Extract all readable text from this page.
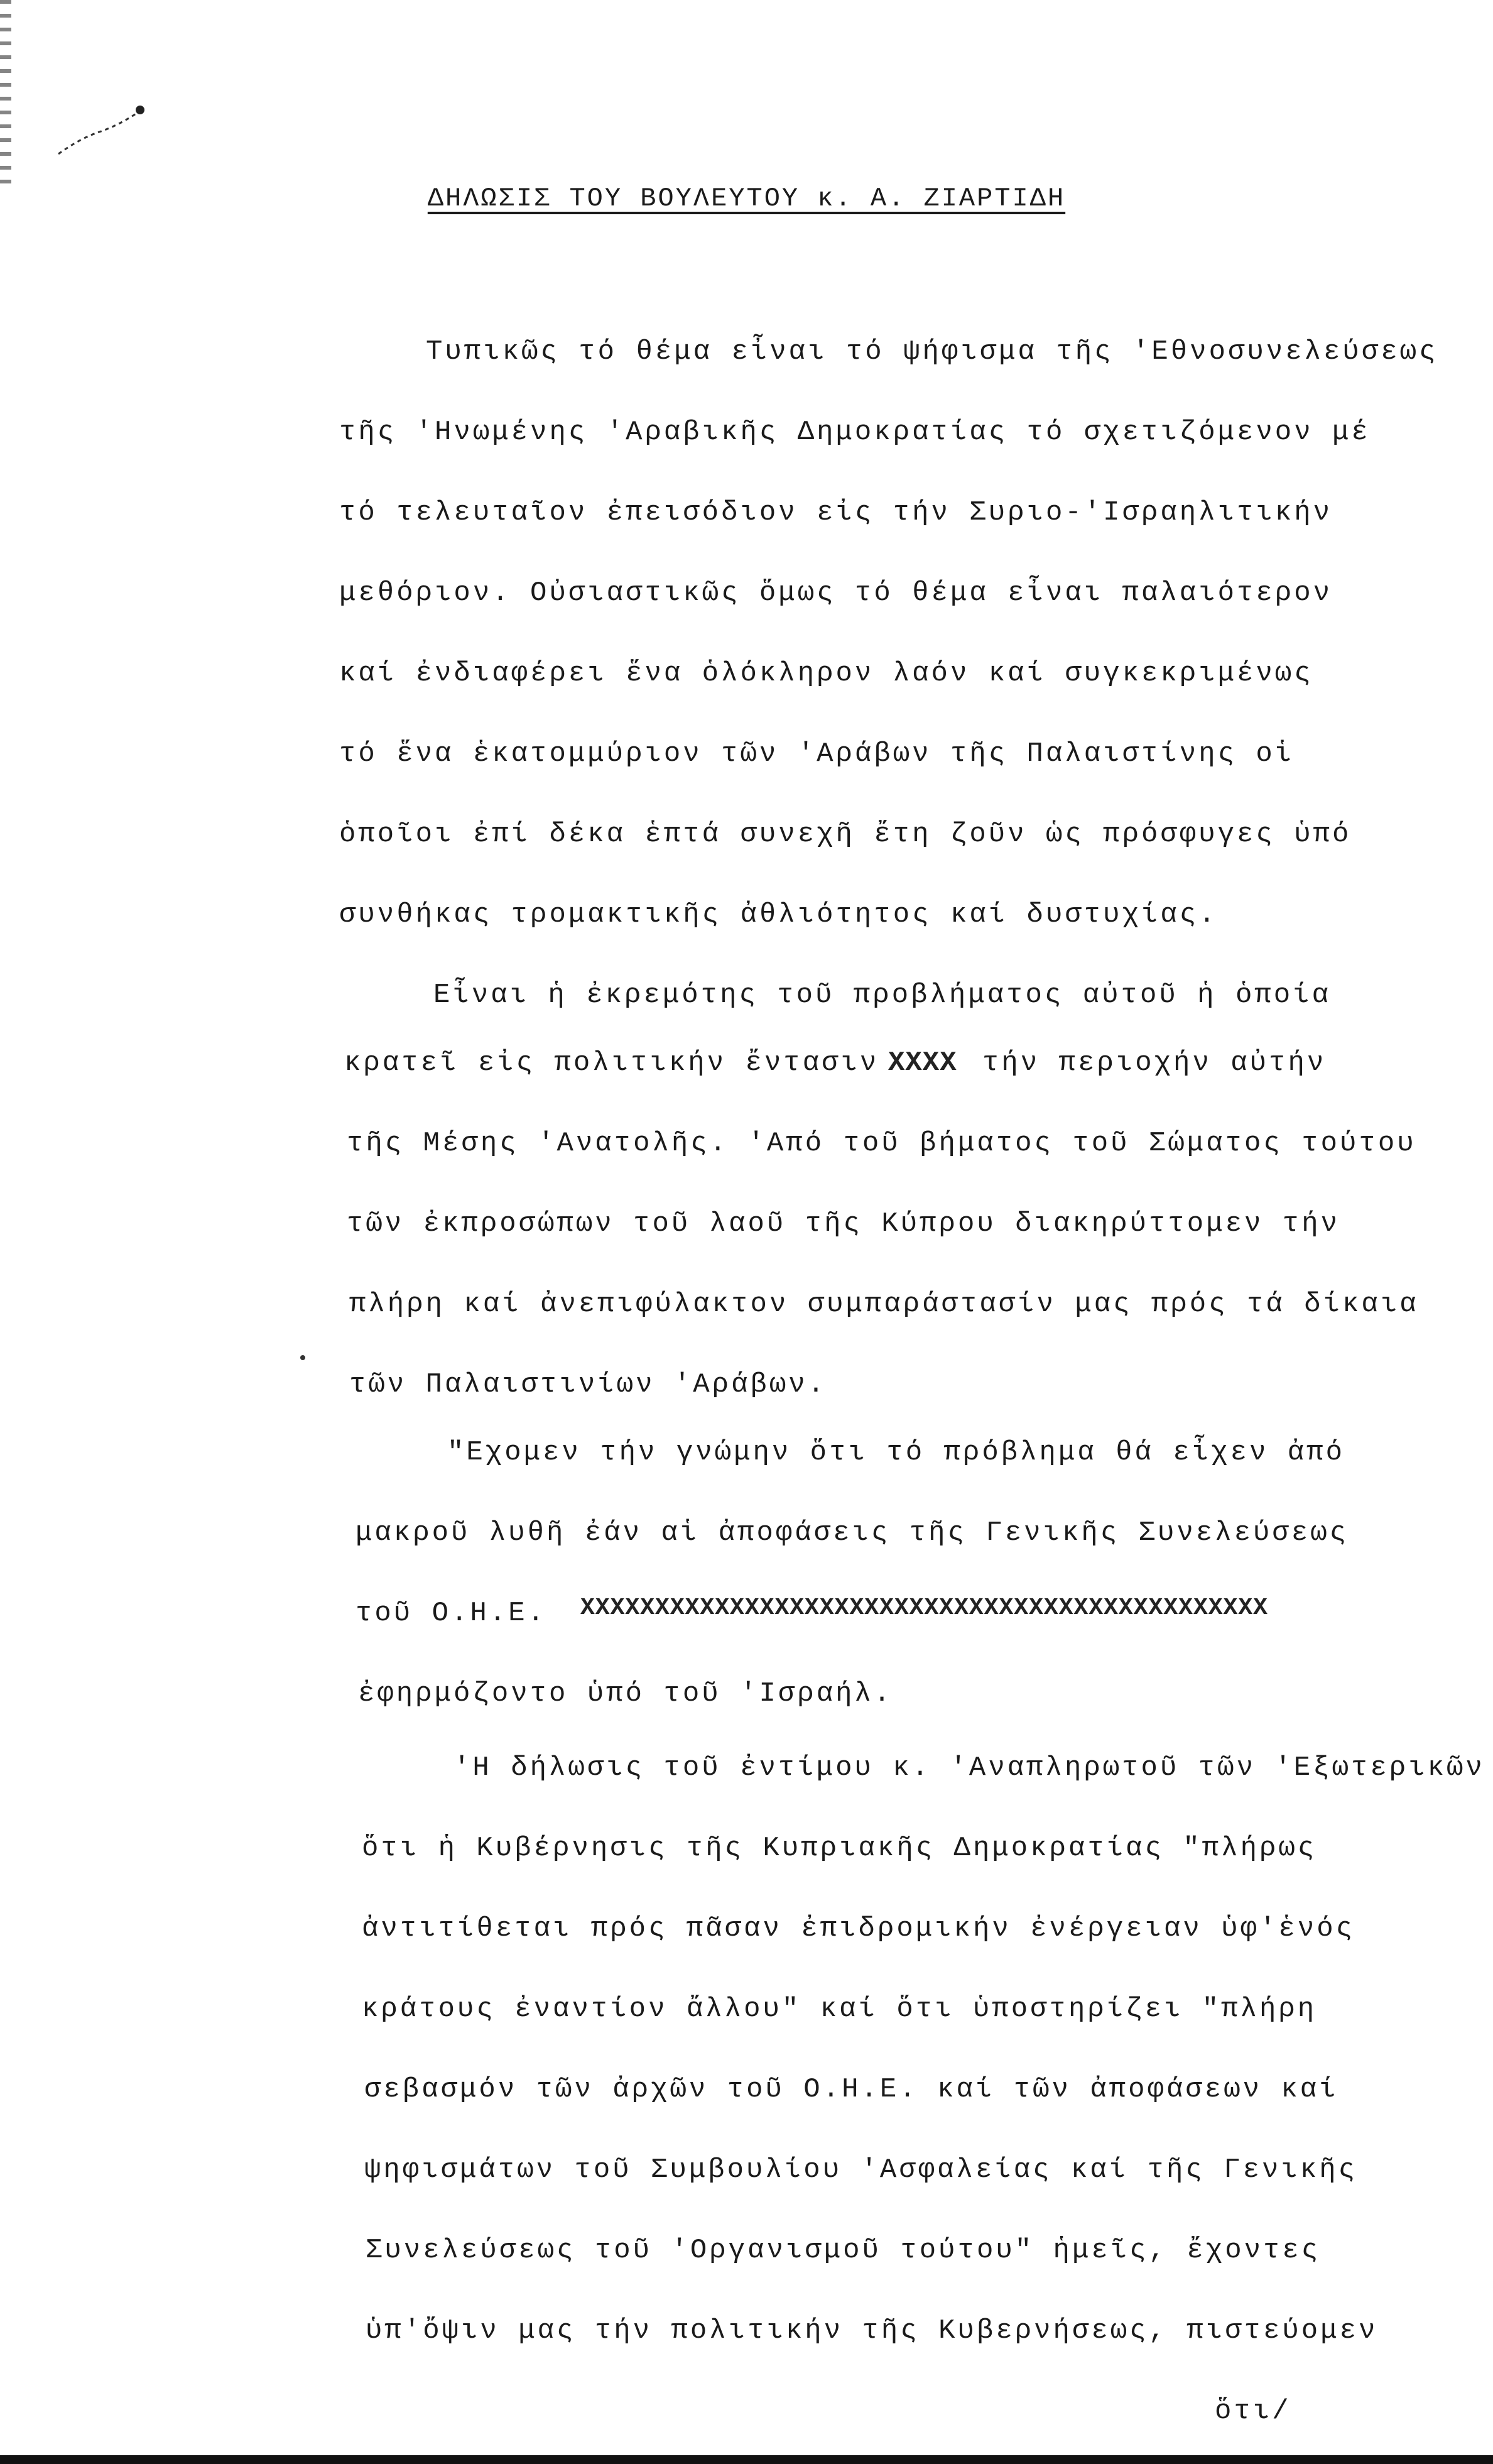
ΔΗΛΩΣΙΣ ΤΟΥ ΒΟΥΛΕΥΤΟΥ κ. Α. ΖΙΑΡΤΙΔΗ
Τυπικῶς τό θέμα εἶναι τό ψήφισμα τῆς 'Εθνοσυνελεύσεως
τῆς 'Ηνωμένης 'Αραβικῆς Δημοκρατίας τό σχετιζόμενον μέ
τό τελευταῖον ἐπεισόδιον εἰς τήν Συριο-'Ισραηλιτικήν
μεθόριον. Οὐσιαστικῶς ὅμως τό θέμα εἶναι παλαιότερον
καί ἐνδιαφέρει ἕνα ὁλόκληρον λαόν καί συγκεκριμένως
τό ἕνα ἑκατομμύριον τῶν 'Αράβων τῆς Παλαιστίνης οἱ
ὁποῖοι ἐπί δέκα ἑπτά συνεχῆ ἔτη ζοῦν ὡς πρόσφυγες ὑπό
συνθήκας τρομακτικῆς ἀθλιότητος καί δυστυχίας.
Εἶναι ἡ ἐκρεμότης τοῦ προβλήματος αὐτοῦ ἡ ὁποία
κρατεῖ εἰς πολιτικήν ἔντασιν XXXX τήν περιοχήν αὐτήν
τῆς Μέσης 'Ανατολῆς. 'Από τοῦ βήματος τοῦ Σώματος τούτου
τῶν ἐκπροσώπων τοῦ λαοῦ τῆς Κύπρου διακηρύττομεν τήν
πλήρη καί ἀνεπιφύλακτον συμπαράστασίν μας πρός τά δίκαια
τῶν Παλαιστινίων 'Αράβων.
"Εχομεν τήν γνώμην ὅτι τό πρόβλημα θά εἶχεν ἀπό
μακροῦ λυθῆ ἐάν αἱ ἀποφάσεις τῆς Γενικῆς Συνελεύσεως
τοῦ Ο.Η.Ε. XXXXXXXXXXXXXXXXXXXXXXXXXXXXXXXXXXXXXXXXXXXXXX
ἐφηρμόζοντο ὑπό τοῦ 'Ισραήλ.
'Η δήλωσις τοῦ ἐντίμου κ. 'Αναπληρωτοῦ τῶν 'Εξωτερικῶν
ὅτι ἡ Κυβέρνησις τῆς Κυπριακῆς Δημοκρατίας "πλήρως
ἀντιτίθεται πρός πᾶσαν ἐπιδρομικήν ἐνέργειαν ὑφ'ἑνός
κράτους ἐναντίον ἄλλου" καί ὅτι ὑποστηρίζει "πλήρη
σεβασμόν τῶν ἀρχῶν τοῦ Ο.Η.Ε. καί τῶν ἀποφάσεων καί
ψηφισμάτων τοῦ Συμβουλίου 'Ασφαλείας καί τῆς Γενικῆς
Συνελεύσεως τοῦ 'Οργανισμοῦ τούτου" ἡμεῖς, ἔχοντες
ὑπ'ὄψιν μας τήν πολιτικήν τῆς Κυβερνήσεως, πιστεύομεν
ὅτι/
